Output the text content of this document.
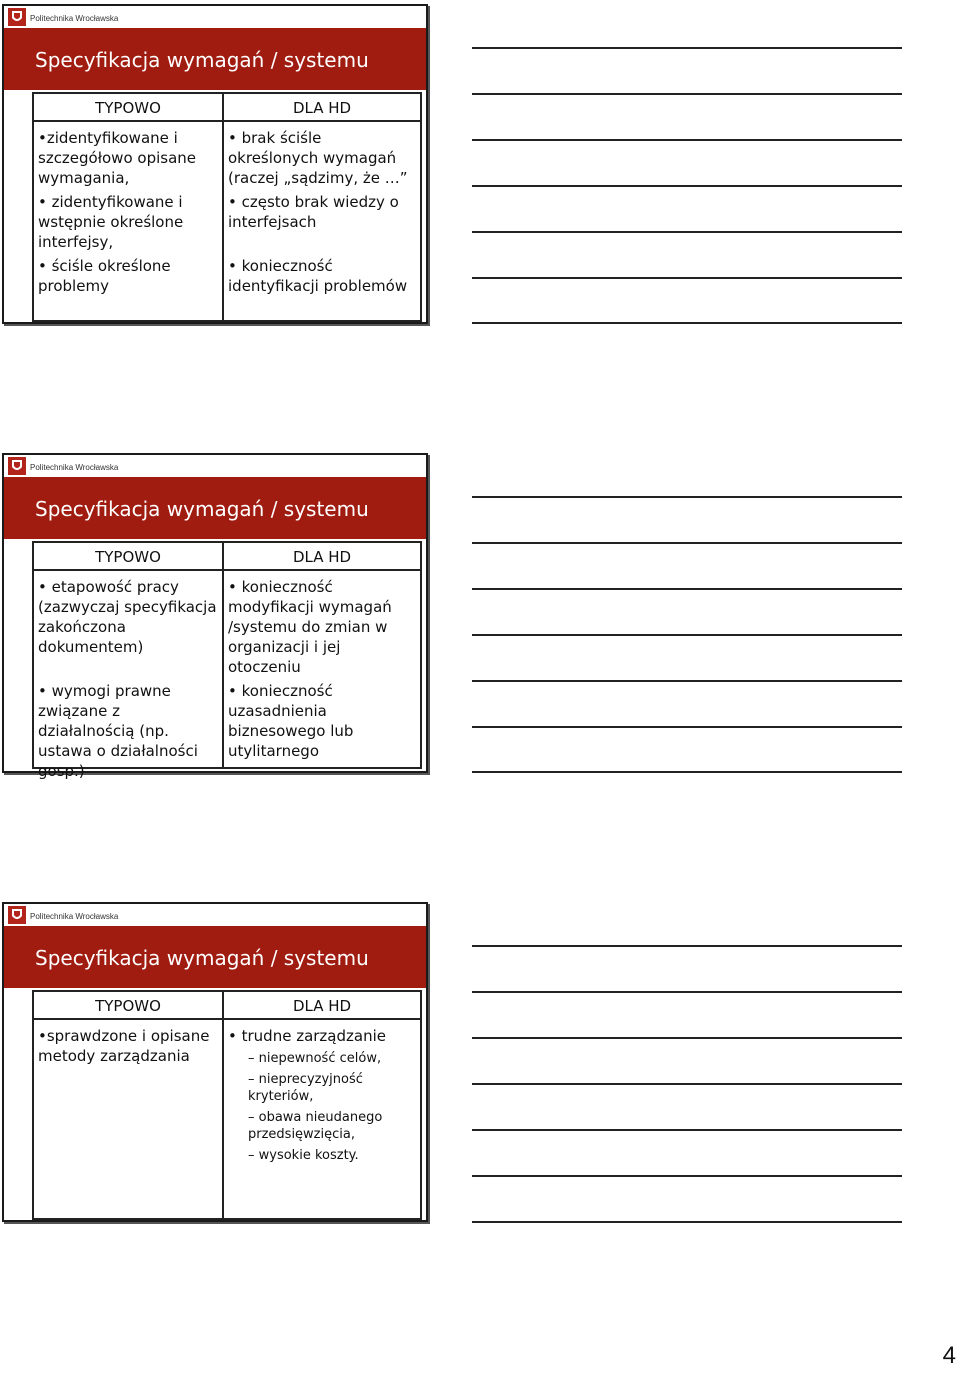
Politechnika Wrocławska
Specyfikacja wymagań / systemu
TYPOWO
•zidentyfikowane i szczegółowo opisane wymagania,
• zidentyfikowane i wstępnie określone interfejsy,
• ściśle określone problemy
DLA HD
• brak ściśle określonych wymagań (raczej „sądzimy, że …”
• często brak wiedzy o interfejsach
• konieczność identyfikacji problemów
Politechnika Wrocławska
Specyfikacja wymagań / systemu
TYPOWO
• etapowość pracy (zazwyczaj specyfikacja zakończona dokumentem)
• wymogi prawne związane z działalnością (np. ustawa o działalności gosp.)
DLA HD
• konieczność modyfikacji wymagań /systemu do zmian w organizacji i jej otoczeniu
• konieczność uzasadnienia biznesowego lub utylitarnego
Politechnika Wrocławska
Specyfikacja wymagań / systemu
TYPOWO
•sprawdzone i opisane metody zarządzania
DLA HD
• trudne zarządzanie
– niepewność celów,
– nieprecyzyjność kryteriów,
– obawa nieudanego przedsięwzięcia,
– wysokie koszty.
4
